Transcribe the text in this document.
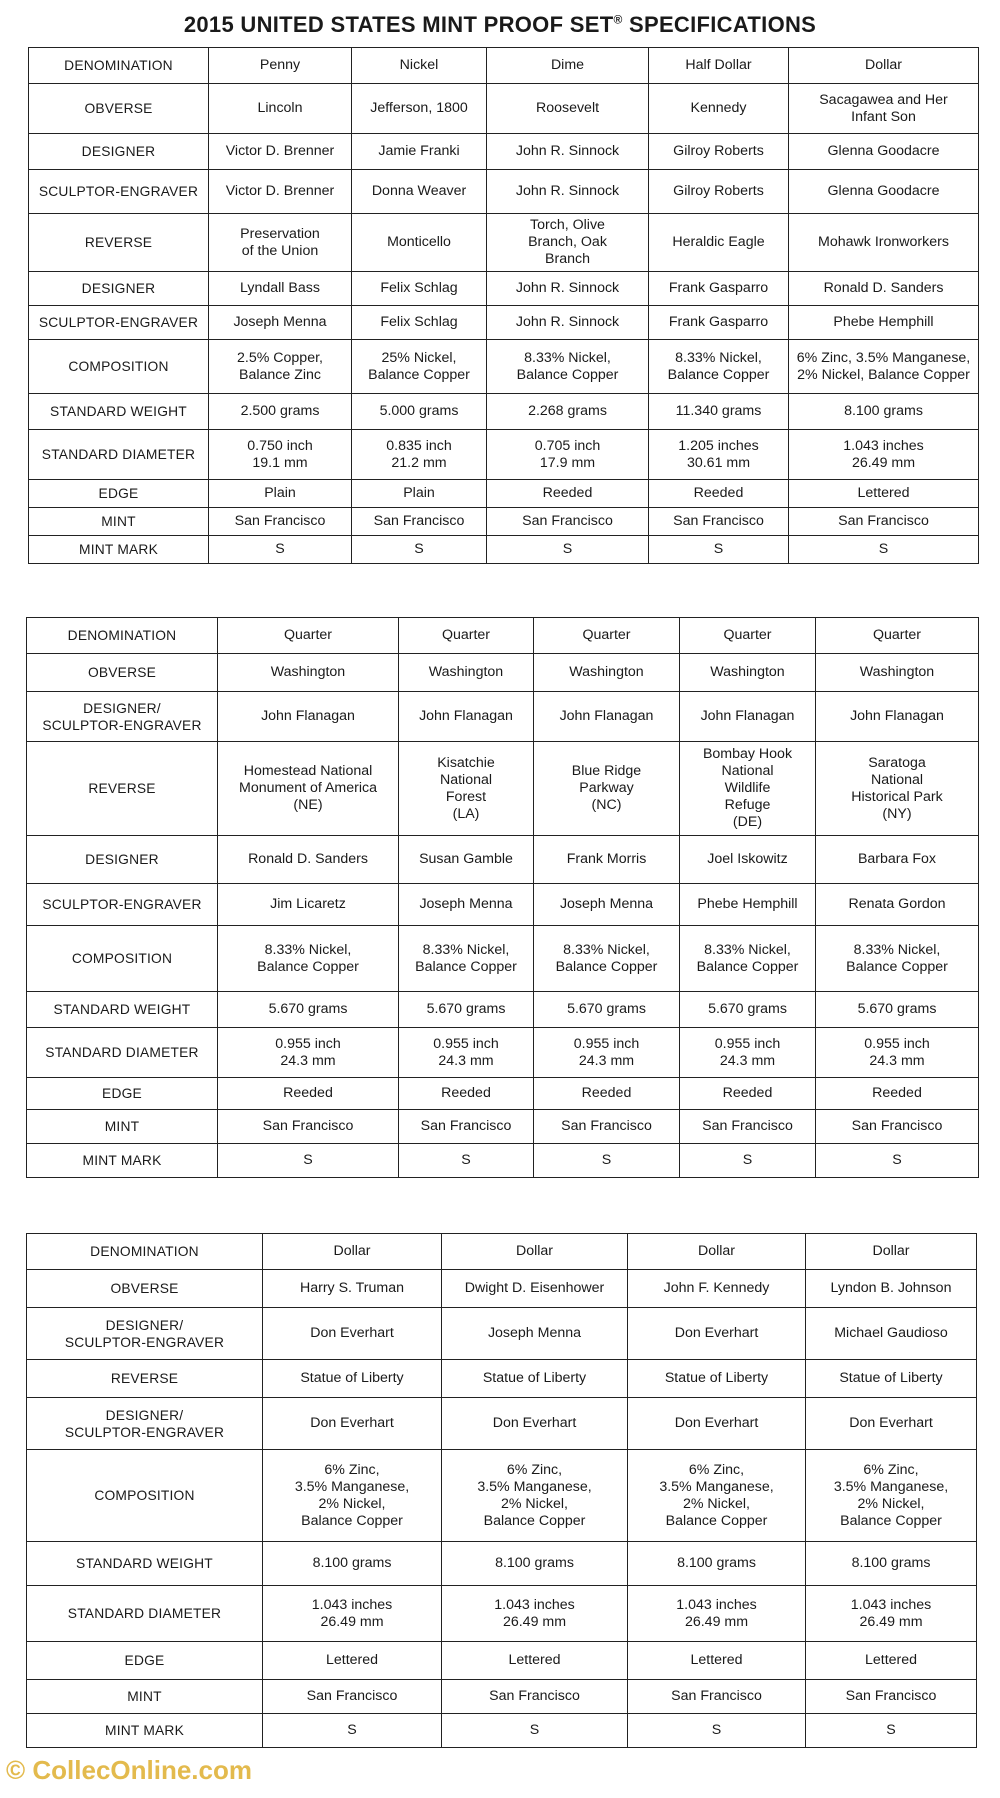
2015 UNITED STATES MINT PROOF SET® SPECIFICATIONS
DENOMINATION	Penny	Nickel	Dime	Half Dollar	Dollar
OBVERSE	Lincoln	Jefferson, 1800	Roosevelt	Kennedy	Sacagawea and Her
Infant Son
DESIGNER	Victor D. Brenner	Jamie Franki	John R. Sinnock	Gilroy Roberts	Glenna Goodacre
SCULPTOR-ENGRAVER	Victor D. Brenner	Donna Weaver	John R. Sinnock	Gilroy Roberts	Glenna Goodacre
REVERSE	Preservation
of the Union	Monticello	Torch, Olive
Branch, Oak
Branch	Heraldic Eagle	Mohawk Ironworkers
DESIGNER	Lyndall Bass	Felix Schlag	John R. Sinnock	Frank Gasparro	Ronald D. Sanders
SCULPTOR-ENGRAVER	Joseph Menna	Felix Schlag	John R. Sinnock	Frank Gasparro	Phebe Hemphill
COMPOSITION	2.5% Copper,
Balance Zinc	25% Nickel,
Balance Copper	8.33% Nickel,
Balance Copper	8.33% Nickel,
Balance Copper	6% Zinc, 3.5% Manganese,
2% Nickel, Balance Copper
STANDARD WEIGHT	2.500 grams	5.000 grams	2.268 grams	11.340 grams	8.100 grams
STANDARD DIAMETER	0.750 inch
19.1 mm	0.835 inch
21.2 mm	0.705 inch
17.9 mm	1.205 inches
30.61 mm	1.043 inches
26.49 mm
EDGE	Plain	Plain	Reeded	Reeded	Lettered
MINT	San Francisco	San Francisco	San Francisco	San Francisco	San Francisco
MINT MARK	S	S	S	S	S
DENOMINATION	Quarter	Quarter	Quarter	Quarter	Quarter
OBVERSE	Washington	Washington	Washington	Washington	Washington
DESIGNER/
SCULPTOR-ENGRAVER	John Flanagan	John Flanagan	John Flanagan	John Flanagan	John Flanagan
REVERSE	Homestead National
Monument of America
(NE)	Kisatchie
National
Forest
(LA)	Blue Ridge
Parkway
(NC)	Bombay Hook
National
Wildlife
Refuge
(DE)	Saratoga
National
Historical Park
(NY)
DESIGNER	Ronald D. Sanders	Susan Gamble	Frank Morris	Joel Iskowitz	Barbara Fox
SCULPTOR-ENGRAVER	Jim Licaretz	Joseph Menna	Joseph Menna	Phebe Hemphill	Renata Gordon
COMPOSITION	8.33% Nickel,
Balance Copper	8.33% Nickel,
Balance Copper	8.33% Nickel,
Balance Copper	8.33% Nickel,
Balance Copper	8.33% Nickel,
Balance Copper
STANDARD WEIGHT	5.670 grams	5.670 grams	5.670 grams	5.670 grams	5.670 grams
STANDARD DIAMETER	0.955 inch
24.3 mm	0.955 inch
24.3 mm	0.955 inch
24.3 mm	0.955 inch
24.3 mm	0.955 inch
24.3 mm
EDGE	Reeded	Reeded	Reeded	Reeded	Reeded
MINT	San Francisco	San Francisco	San Francisco	San Francisco	San Francisco
MINT MARK	S	S	S	S	S
DENOMINATION	Dollar	Dollar	Dollar	Dollar
OBVERSE	Harry S. Truman	Dwight D. Eisenhower	John F. Kennedy	Lyndon B. Johnson
DESIGNER/
SCULPTOR-ENGRAVER	Don Everhart	Joseph Menna	Don Everhart	Michael Gaudioso
REVERSE	Statue of Liberty	Statue of Liberty	Statue of Liberty	Statue of Liberty
DESIGNER/
SCULPTOR-ENGRAVER	Don Everhart	Don Everhart	Don Everhart	Don Everhart
COMPOSITION	6% Zinc,
3.5% Manganese,
2% Nickel,
Balance Copper	6% Zinc,
3.5% Manganese,
2% Nickel,
Balance Copper	6% Zinc,
3.5% Manganese,
2% Nickel,
Balance Copper	6% Zinc,
3.5% Manganese,
2% Nickel,
Balance Copper
STANDARD WEIGHT	8.100 grams	8.100 grams	8.100 grams	8.100 grams
STANDARD DIAMETER	1.043 inches
26.49 mm	1.043 inches
26.49 mm	1.043 inches
26.49 mm	1.043 inches
26.49 mm
EDGE	Lettered	Lettered	Lettered	Lettered
MINT	San Francisco	San Francisco	San Francisco	San Francisco
MINT MARK	S	S	S	S
© CollecOnline.com
